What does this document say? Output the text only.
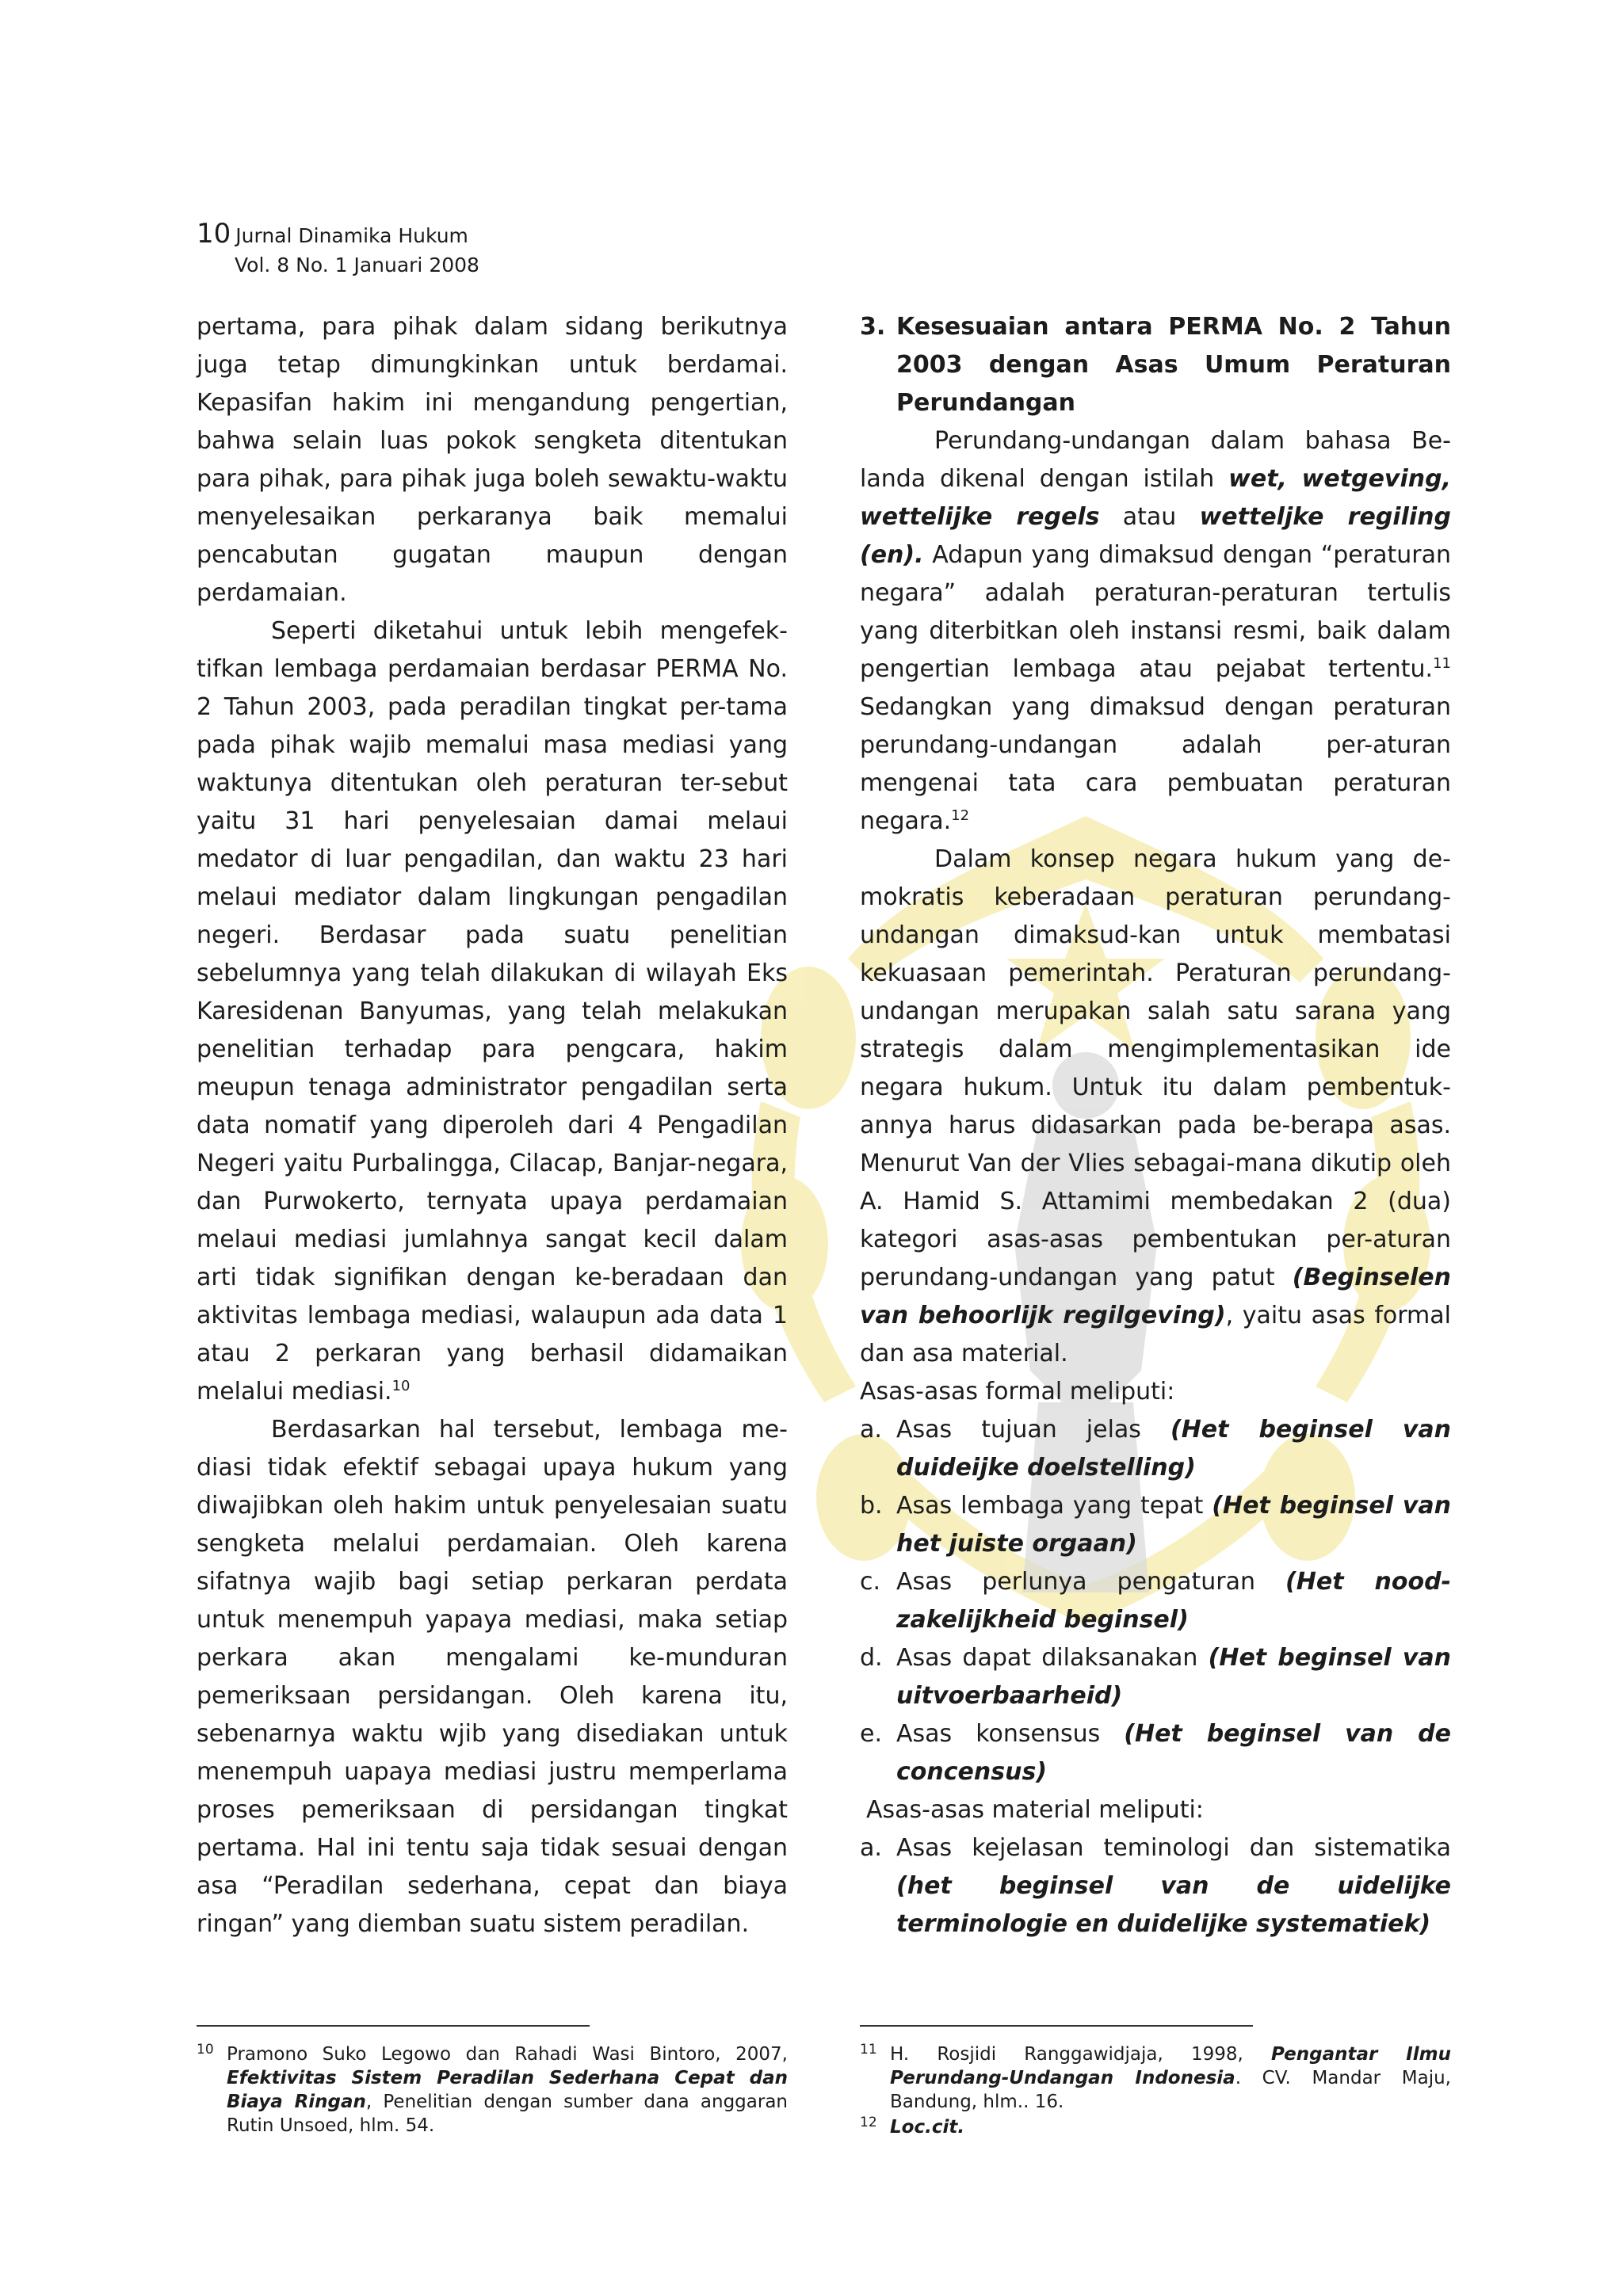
10 Jurnal Dinamika Hukum
Vol. 8 No. 1 Januari 2008

pertama, para pihak dalam sidang berikutnya juga tetap dimungkinkan untuk berdamai. Kepasifan hakim ini mengandung pengertian, bahwa selain luas pokok sengketa ditentukan para pihak, para pihak juga boleh sewaktu-waktu menyelesaikan perkaranya baik memalui pencabutan gugatan maupun dengan perdamaian.

Seperti diketahui untuk lebih mengefek-tifkan lembaga perdamaian berdasar PERMA No. 2 Tahun 2003, pada peradilan tingkat per-tama pada pihak wajib memalui masa mediasi yang waktunya ditentukan oleh peraturan ter-sebut yaitu 31 hari penyelesaian damai melaui medator di luar pengadilan, dan waktu 23 hari melaui mediator dalam lingkungan pengadilan negeri. Berdasar pada suatu penelitian sebelumnya yang telah dilakukan di wilayah Eks Karesidenan Banyumas, yang telah melakukan penelitian terhadap para pengcara, hakim meupun tenaga administrator pengadilan serta data nomatif yang diperoleh dari 4 Pengadilan Negeri yaitu Purbalingga, Cilacap, Banjar-negara, dan Purwokerto, ternyata upaya perdamaian melaui mediasi jumlahnya sangat kecil dalam arti tidak signifikan dengan ke-beradaan dan aktivitas lembaga mediasi, walaupun ada data 1 atau 2 perkaran yang berhasil didamaikan melalui mediasi.$^{10}$

Berdasarkan hal tersebut, lembaga me-diasi tidak efektif sebagai upaya hukum yang diwajibkan oleh hakim untuk penyelesaian suatu sengketa melalui perdamaian. Oleh karena sifatnya wajib bagi setiap perkaran perdata untuk menempuh yapaya mediasi, maka setiap perkara akan mengalami ke-munduran pemeriksaan persidangan. Oleh karena itu, sebenarnya waktu wjib yang disediakan untuk menempuh uapaya mediasi justru memperlama proses pemeriksaan di persidangan tingkat pertama. Hal ini tentu saja tidak sesuai dengan asa “Peradilan sederhana, cepat dan biaya ringan” yang diemban suatu sistem peradilan.

3. Kesesuaian antara PERMA No. 2 Tahun 2003 dengan Asas Umum Peraturan Perundangan

Perundang-undangan dalam bahasa Be-landa dikenal dengan istilah wet, wetgeving, wettelijke regels atau wetteljke regiling (en). Adapun yang dimaksud dengan “peraturan negara” adalah peraturan-peraturan tertulis yang diterbitkan oleh instansi resmi, baik dalam pengertian lembaga atau pejabat tertentu.$^{11}$ Sedangkan yang dimaksud dengan peraturan perundang-undangan adalah per-aturan mengenai tata cara pembuatan peraturan negara.$^{12}$

Dalam konsep negara hukum yang de-mokratis keberadaan peraturan perundang-undangan dimaksud-kan untuk membatasi kekuasaan pemerintah. Peraturan perundang-undangan merupakan salah satu sarana yang strategis dalam mengimplementasikan ide negara hukum. Untuk itu dalam pembentuk-annya harus didasarkan pada be-berapa asas. Menurut Van der Vlies sebagai-mana dikutip oleh A. Hamid S. Attamimi membedakan 2 (dua) kategori asas-asas pembentukan per-aturan perundang-undangan yang patut (Beginselen van behoorlijk regilgeving), yaitu asas formal dan asa material.

Asas-asas formal meliputi:

a. Asas tujuan jelas (Het beginsel van duideijke doelstelling)
b. Asas lembaga yang tepat (Het beginsel van het juiste orgaan)
c. Asas perlunya pengaturan (Het nood-zakelijkheid beginsel)
d. Asas dapat dilaksanakan (Het beginsel van uitvoerbaarheid)
e. Asas konsensus (Het beginsel van de concensus)

Asas-asas material meliputi:

a. Asas kejelasan teminologi dan sistematika (het beginsel van de uidelijke terminologie en duidelijke systematiek)
10 Pramono Suko Legowo dan Rahadi Wasi Bintoro, 2007, Efektivitas Sistem Peradilan Sederhana Cepat dan Biaya Ringan, Penelitian dengan sumber dana anggaran Rutin Unsoed, hlm. 54.
11 H. Rosjidi Ranggawidjaja, 1998, Pengantar Ilmu Perundang-Undangan Indonesia. CV. Mandar Maju, Bandung, hlm.. 16.
12 Loc.cit.
